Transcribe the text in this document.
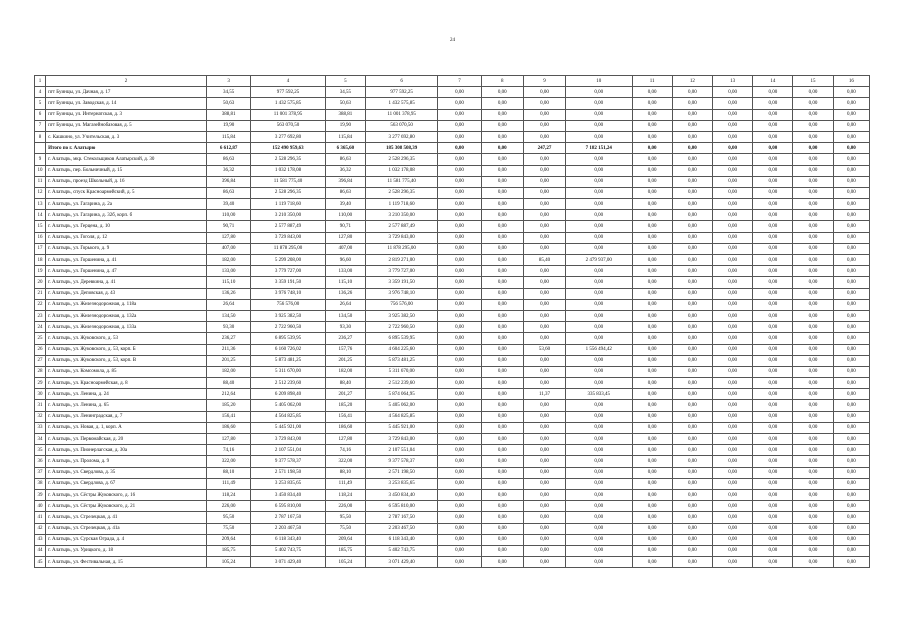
24
1	2	3	4	5	6	7	8	9	10	11	12	13	14	15	16
4	пгт Буинцы, ул. Дачная, д. 17	34,55	977 592,25	34,55	977 592,25	0,00	0,00	0,00	0,00	0,00	0,00	0,00	0,00	0,00	0,00
5	пгт Буинцы, ул. Заводская, д. 14	50,63	1 432 575,85	50,63	1 432 575,85	0,00	0,00	0,00	0,00	0,00	0,00	0,00	0,00	0,00	0,00
6	пгт Буинцы, ул. Интернатская, д. 3	388,81	11 001 378,95	388,81	11 001 378,95	0,00	0,00	0,00	0,00	0,00	0,00	0,00	0,00	0,00	0,00
7	пгт Буинцы, ул. Магазейнобазовая, д. 5	19,90	563 070,50	19,90	563 070,50	0,00	0,00	0,00	0,00	0,00	0,00	0,00	0,00	0,00	0,00
8	с. Кашкино, ул. Учительская, д. 3	115,84	3 277 692,80	115,84	3 277 692,80	0,00	0,00	0,00	0,00	0,00	0,00	0,00	0,00	0,00	0,00
	Итого по г. Алатырю	6 612,87	152 490 959,63	6 365,60	185 308 508,39	0,00	0,00	247,27	7 182 151,24	0,00	0,00	0,00	0,00	0,00	0,00
9	г. Алатырь, мкр. Стекольщиков Алатырский, д. 30	86,63	2 528 296,35	86,63	2 528 296,35	0,00	0,00	0,00	0,00	0,00	0,00	0,00	0,00	0,00	0,00
10	г. Алатырь, пер. Больничный, д. 15	36,32	1 032 178,08	36,32	1 032 178,08	0,00	0,00	0,00	0,00	0,00	0,00	0,00	0,00	0,00	0,00
11	г. Алатырь, проезд Школьный, д. 16	396,84	11 581 775,40	396,84	11 581 775,40	0,00	0,00	0,00	0,00	0,00	0,00	0,00	0,00	0,00	0,00
12	г. Алатырь, спуск Красноармейский, д. 5	86,63	2 528 296,35	86,63	2 528 296,35	0,00	0,00	0,00	0,00	0,00	0,00	0,00	0,00	0,00	0,00
13	г. Алатырь, ул. Гагарина, д. 2а	39,40	1 119 718,60	39,40	1 119 718,60	0,00	0,00	0,00	0,00	0,00	0,00	0,00	0,00	0,00	0,00
14	г. Алатырь, ул. Гагарина, д. 32б, корп. б	110,00	3 210 350,00	110,00	3 210 350,00	0,00	0,00	0,00	0,00	0,00	0,00	0,00	0,00	0,00	0,00
15	г. Алатырь, ул. Герцена, д. 10	90,71	2 577 887,49	90,71	2 577 887,49	0,00	0,00	0,00	0,00	0,00	0,00	0,00	0,00	0,00	0,00
16	г. Алатырь, ул. Гоголя, д. 12	127,80	3 729 843,00	127,80	3 729 843,00	0,00	0,00	0,00	0,00	0,00	0,00	0,00	0,00	0,00	0,00
17	г. Алатырь, ул. Горького, д. 9	407,00	11 878 295,00	407,00	11 878 295,00	0,00	0,00	0,00	0,00	0,00	0,00	0,00	0,00	0,00	0,00
18	г. Алатырь, ул. Горшенина, д. 41	182,00	5 299 208,00	96,60	2 819 271,00	0,00	0,00	85,40	2 479 937,00	0,00	0,00	0,00	0,00	0,00	0,00
19	г. Алатырь, ул. Горшенина, д. 47	133,00	3 779 727,00	133,00	3 779 727,00	0,00	0,00	0,00	0,00	0,00	0,00	0,00	0,00	0,00	0,00
20	г. Алатырь, ул. Деревкина, д. 41	115,10	3 359 191,50	115,10	3 359 191,50	0,00	0,00	0,00	0,00	0,00	0,00	0,00	0,00	0,00	0,00
21	г. Алатырь, ул. Деповская, д. 43	136,26	3 976 748,10	136,26	3 976 748,10	0,00	0,00	0,00	0,00	0,00	0,00	0,00	0,00	0,00	0,00
22	г. Алатырь, ул. Железнодорожная, д. 118а	26,64	756 576,00	26,64	756 576,00	0,00	0,00	0,00	0,00	0,00	0,00	0,00	0,00	0,00	0,00
23	г. Алатырь, ул. Железнодорожная, д. 132а	134,50	3 925 382,50	134,50	3 925 382,50	0,00	0,00	0,00	0,00	0,00	0,00	0,00	0,00	0,00	0,00
24	г. Алатырь, ул. Железнодорожная, д. 133а	93,30	2 722 960,50	93,30	2 722 960,50	0,00	0,00	0,00	0,00	0,00	0,00	0,00	0,00	0,00	0,00
25	г. Алатырь, ул. Жуковского, д. 53	236,27	6 895 539,95	236,27	6 895 539,95	0,00	0,00	0,00	0,00	0,00	0,00	0,00	0,00	0,00	0,00
26	г. Алатырь, ул. Жуковского, д. 53, корп. Б	211,36	6 160 726,02	157,76	4 604 225,60	0,00	0,00	53,60	1 556 494,42	0,00	0,00	0,00	0,00	0,00	0,00
27	г. Алатырь, ул. Жуковского, д. 53, корп. В	201,25	5 873 481,25	201,25	5 873 481,25	0,00	0,00	0,00	0,00	0,00	0,00	0,00	0,00	0,00	0,00
28	г. Алатырь, ул. Комсомола, д. 85	182,00	5 311 670,00	182,00	5 311 670,00	0,00	0,00	0,00	0,00	0,00	0,00	0,00	0,00	0,00	0,00
29	г. Алатырь, ул. Красноармейская, д. 8	88,40	2 512 239,60	88,40	2 512 239,60	0,00	0,00	0,00	0,00	0,00	0,00	0,00	0,00	0,00	0,00
30	г. Алатырь, ул. Ленина, д. 24	212,64	6 209 898,40	201,27	5 874 064,95	0,00	0,00	11,37	335 833,45	0,00	0,00	0,00	0,00	0,00	0,00
31	г. Алатырь, ул. Ленина, д. 65	185,20	5 405 062,00	185,20	5 405 062,00	0,00	0,00	0,00	0,00	0,00	0,00	0,00	0,00	0,00	0,00
32	г. Алатырь, ул. Ленинградская, д. 7	156,41	4 564 825,85	156,41	4 564 825,85	0,00	0,00	0,00	0,00	0,00	0,00	0,00	0,00	0,00	0,00
33	г. Алатырь, ул. Новая, д. 1, корп. А	186,60	5 445 921,00	186,60	5 445 921,00	0,00	0,00	0,00	0,00	0,00	0,00	0,00	0,00	0,00	0,00
34	г. Алатырь, ул. Первомайская, д. 20	127,80	3 729 843,00	127,80	3 729 843,00	0,00	0,00	0,00	0,00	0,00	0,00	0,00	0,00	0,00	0,00
35	г. Алатырь, ул. Пионерлагская, д. 30а	74,16	2 107 551,04	74,16	2 107 551,04	0,00	0,00	0,00	0,00	0,00	0,00	0,00	0,00	0,00	0,00
36	г. Алатырь, ул. Пролома, д. 9	322,00	9 377 578,37	322,00	9 377 578,37	0,00	0,00	0,00	0,00	0,00	0,00	0,00	0,00	0,00	0,00
37	г. Алатырь, ул. Свердлова, д. 35	88,10	2 571 198,50	88,10	2 571 198,50	0,00	0,00	0,00	0,00	0,00	0,00	0,00	0,00	0,00	0,00
38	г. Алатырь, ул. Свердлова, д. 67	111,49	3 253 835,65	111,49	3 253 835,65	0,00	0,00	0,00	0,00	0,00	0,00	0,00	0,00	0,00	0,00
39	г. Алатырь, ул. Сёстры Жуковского, д. 16	118,24	3 450 834,40	118,24	3 450 834,40	0,00	0,00	0,00	0,00	0,00	0,00	0,00	0,00	0,00	0,00
40	г. Алатырь, ул. Сёстры Жуковского, д. 21	226,00	6 595 810,00	226,00	6 595 810,00	0,00	0,00	0,00	0,00	0,00	0,00	0,00	0,00	0,00	0,00
41	г. Алатырь, ул. Стрелецкая, д. 41	95,50	2 787 167,50	95,50	2 787 167,50	0,00	0,00	0,00	0,00	0,00	0,00	0,00	0,00	0,00	0,00
42	г. Алатырь, ул. Стрелецкая, д. 41а	75,50	2 203 467,50	75,50	2 203 467,50	0,00	0,00	0,00	0,00	0,00	0,00	0,00	0,00	0,00	0,00
43	г. Алатырь, ул. Сурская Ограда, д. 4	209,64	6 118 343,40	209,64	6 118 343,40	0,00	0,00	0,00	0,00	0,00	0,00	0,00	0,00	0,00	0,00
44	г. Алатырь, ул. Урицкого, д. 18	185,75	5 402 743,75	185,75	5 402 743,75	0,00	0,00	0,00	0,00	0,00	0,00	0,00	0,00	0,00	0,00
45	г. Алатырь, ул. Фестивальная, д. 15	105,24	3 071 429,40	105,24	3 071 429,40	0,00	0,00	0,00	0,00	0,00	0,00	0,00	0,00	0,00	0,00
